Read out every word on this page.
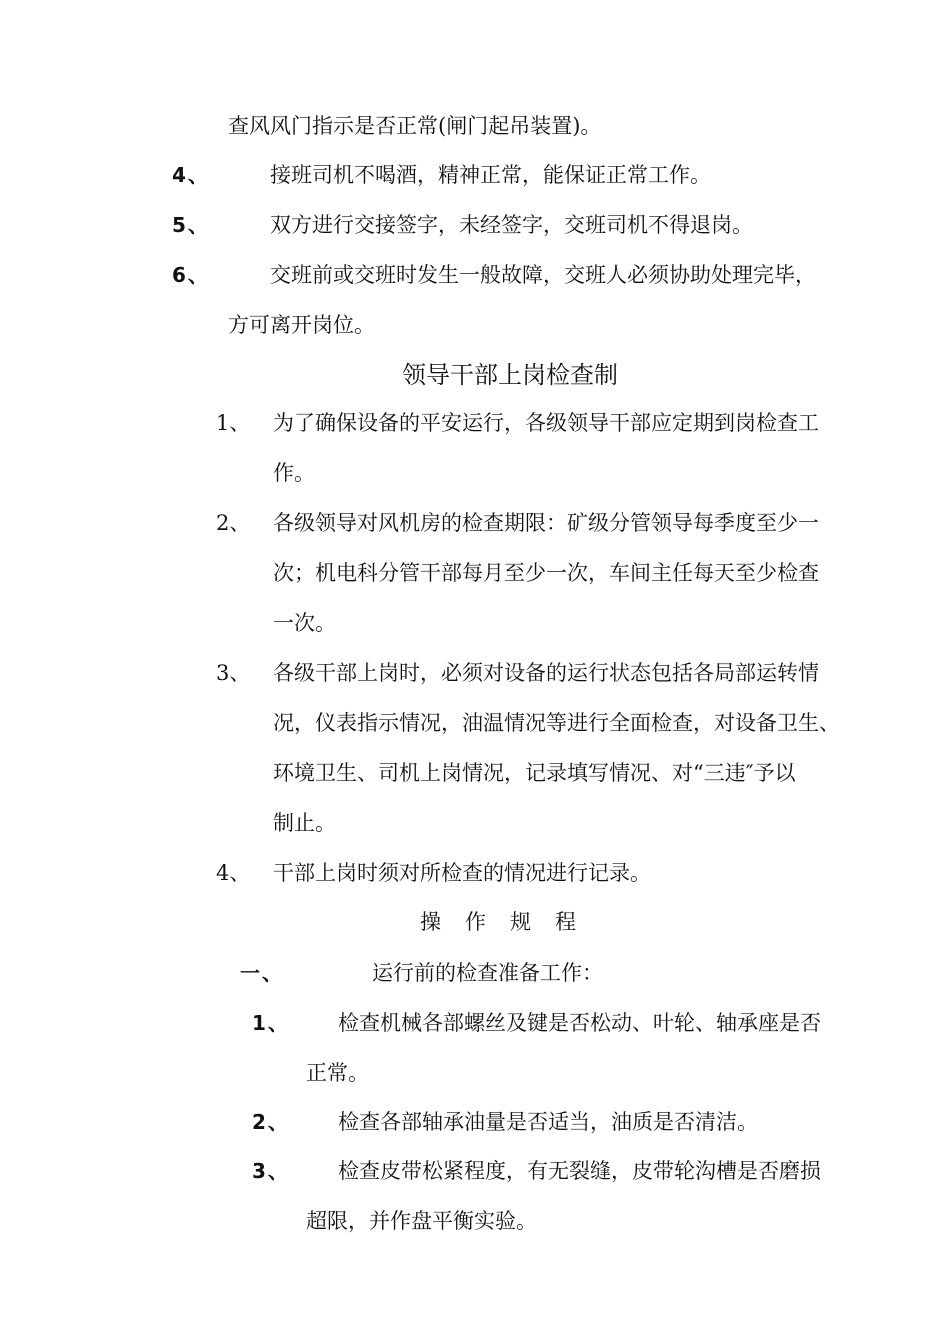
查风风门指示是否正常(闸门起吊装置)。
4、	接班司机不喝酒，精神正常，能保证正常工作。
5、	双方进行交接签字，未经签字，交班司机不得退岗。
6、	交班前或交班时发生一般故障，交班人必须协助处理完毕，
方可离开岗位。
领导干部上岗检查制
1、 为了确保设备的平安运行，各级领导干部应定期到岗检查工
作。
2、 各级领导对风机房的检查期限：矿级分管领导每季度至少一
次；机电科分管干部每月至少一次，车间主任每天至少检查
一次。
3、 各级干部上岗时，必须对设备的运行状态包括各局部运转情
况，仪表指示情况，油温情况等进行全面检查，对设备卫生、
环境卫生、司机上岗情况，记录填写情况、对“三违″予以
制止。
4、 干部上岗时须对所检查的情况进行记录。
操作规程
一、	运行前的检查准备工作：
1、 检查机械各部螺丝及键是否松动、叶轮、轴承座是否
正常。
2、 检查各部轴承油量是否适当，油质是否清洁。
3、 检查皮带松紧程度，有无裂缝，皮带轮沟槽是否磨损
超限，并作盘平衡实验。
